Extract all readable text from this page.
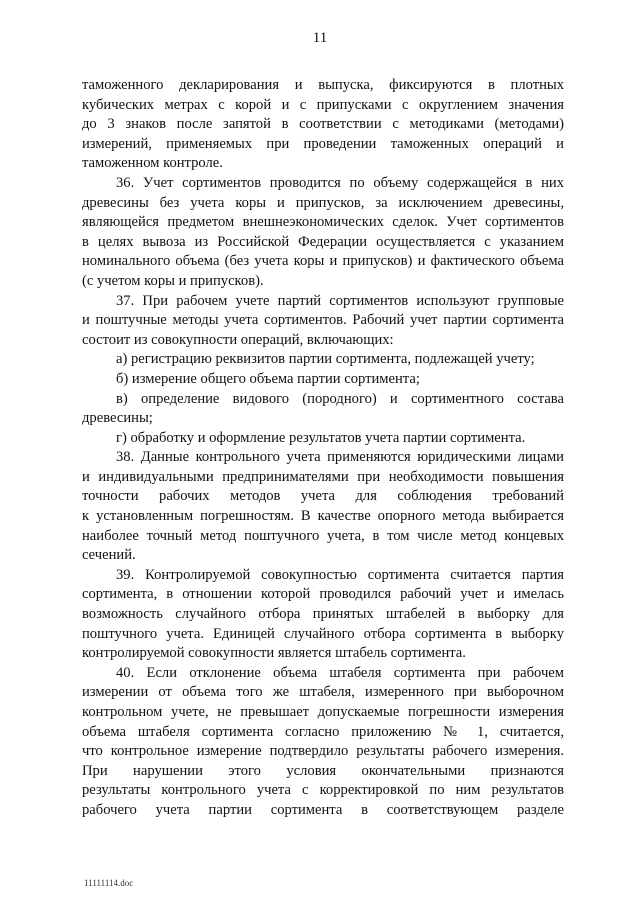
11
таможенного декларирования и выпуска, фиксируются в плотных
кубических метрах с корой и с припусками с округлением значения
до 3 знаков после запятой в соответствии с методиками (методами)
измерений, применяемых при проведении таможенных операций и
таможенном контроле.
36. Учет сортиментов проводится по объему содержащейся в них
древесины без учета коры и припусков, за исключением древесины,
являющейся предметом внешнеэкономических сделок. Учет сортиментов
в целях вывоза из Российской Федерации осуществляется с указанием
номинального объема (без учета коры и припусков) и фактического объема
(с учетом коры и припусков).
37. При рабочем учете партий сортиментов используют групповые
и поштучные методы учета сортиментов. Рабочий учет партии сортимента
состоит из совокупности операций, включающих:
а) регистрацию реквизитов партии сортимента, подлежащей учету;
б) измерение общего объема партии сортимента;
в) определение видового (породного) и сортиментного состава
древесины;
г) обработку и оформление результатов учета партии сортимента.
38. Данные контрольного учета применяются юридическими лицами
и индивидуальными предпринимателями при необходимости повышения
точности рабочих методов учета для соблюдения требований
к установленным погрешностям. В качестве опорного метода выбирается
наиболее точный метод поштучного учета, в том числе метод концевых
сечений.
39. Контролируемой совокупностью сортимента считается партия
сортимента, в отношении которой проводился рабочий учет и имелась
возможность случайного отбора принятых штабелей в выборку для
поштучного учета. Единицей случайного отбора сортимента в выборку
контролируемой совокупности является штабель сортимента.
40. Если отклонение объема штабеля сортимента при рабочем
измерении от объема того же штабеля, измеренного при выборочном
контрольном учете, не превышает допускаемые погрешности измерения
объема штабеля сортимента согласно приложению № 1, считается,
что контрольное измерение подтвердило результаты рабочего измерения.
При нарушении этого условия окончательными признаются
результаты контрольного учета с корректировкой по ним результатов
рабочего учета партии сортимента в соответствующем разделе
11111114.doc
